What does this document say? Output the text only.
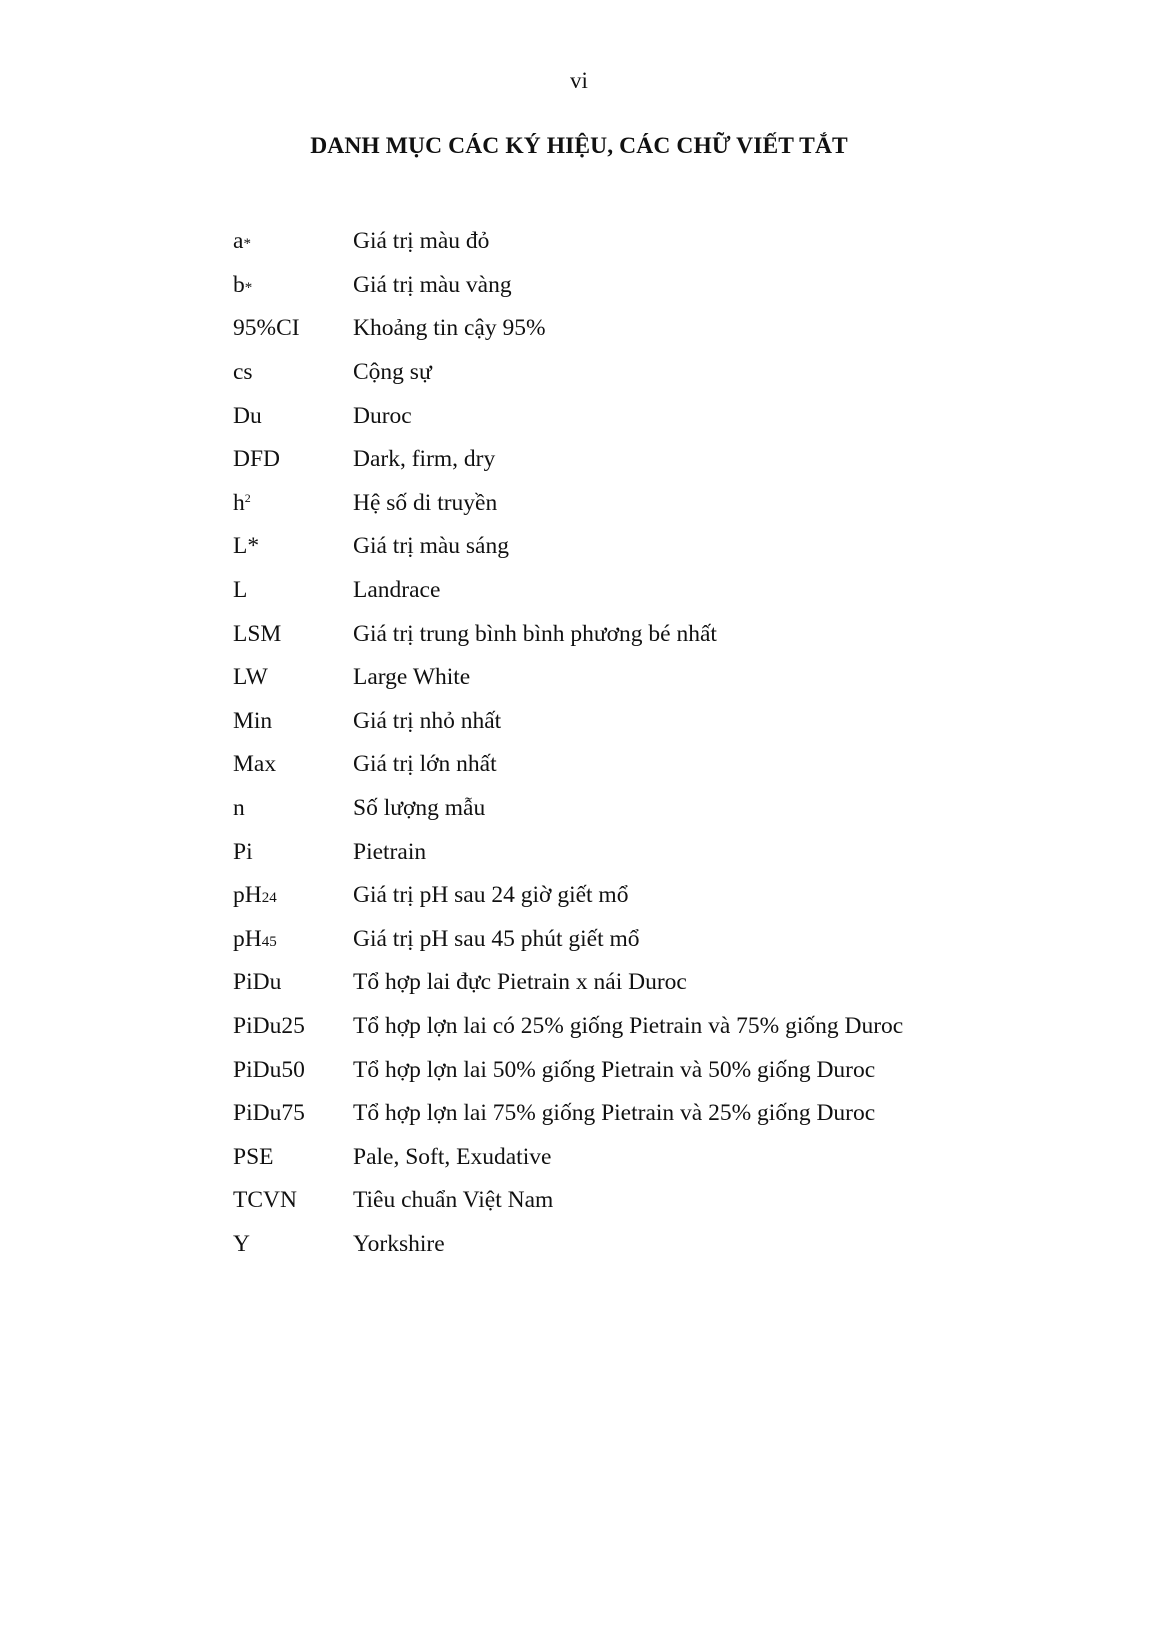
vi
DANH MỤC CÁC KÝ HIỆU, CÁC CHỮ VIẾT TẮT
a*	Giá trị màu đỏ
b*	Giá trị màu vàng
95%CI	Khoảng tin cậy 95%
cs	Cộng sự
Du	Duroc
DFD	Dark, firm, dry
$h^2$	Hệ số di truyền
L*	Giá trị màu sáng
L	Landrace
LSM	Giá trị trung bình bình phương bé nhất
LW	Large White
Min	Giá trị nhỏ nhất
Max	Giá trị lớn nhất
n	Số lượng mẫu
Pi	Pietrain
pH24	Giá trị pH sau 24 giờ giết mổ
pH45	Giá trị pH sau 45 phút giết mổ
PiDu	Tổ hợp lai đực Pietrain x nái Duroc
PiDu25	Tổ hợp lợn lai có 25% giống Pietrain và 75% giống Duroc
PiDu50	Tổ hợp lợn lai 50% giống Pietrain và 50% giống Duroc
PiDu75	Tổ hợp lợn lai 75% giống Pietrain và 25% giống Duroc
PSE	Pale, Soft, Exudative
TCVN	Tiêu chuẩn Việt Nam
Y	Yorkshire
